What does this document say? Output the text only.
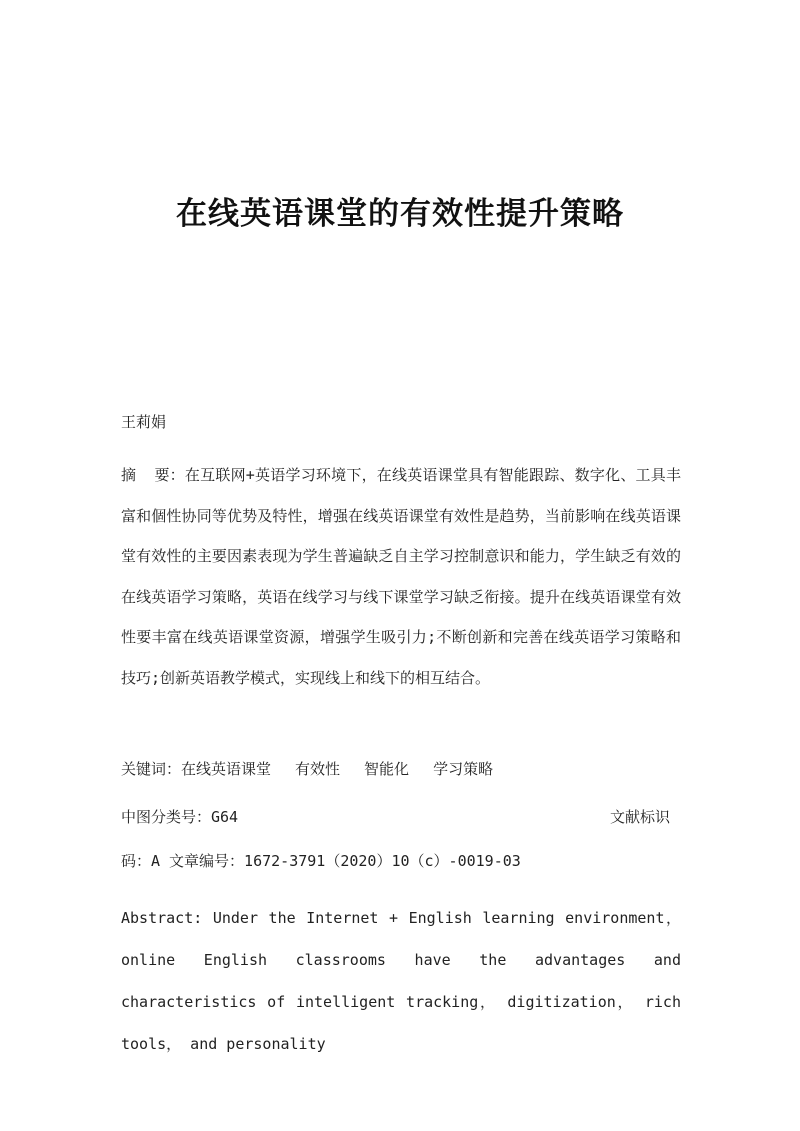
在线英语课堂的有效性提升策略
王莉娟

摘 要：在互联网+英语学习环境下，在线英语课堂具有智能跟踪、数字化、工具丰富和個性协同等优势及特性，增强在线英语课堂有效性是趋势，当前影响在线英语课堂有效性的主要因素表现为学生普遍缺乏自主学习控制意识和能力，学生缺乏有效的在线英语学习策略，英语在线学习与线下课堂学习缺乏衔接。提升在线英语课堂有效性要丰富在线英语课堂资源，增强学生吸引力;不断创新和完善在线英语学习策略和技巧;创新英语教学模式，实现线上和线下的相互结合。

关键词：在线英语课堂 有效性 智能化 学习策略
中图分类号：G64	文献标识
码：A 文章编号：1672-3791（2020）10（c）-0019-03

Abstract: Under the Internet + English learning environment， online English classrooms have the advantages and characteristics of intelligent tracking， digitization， rich tools， and personality
